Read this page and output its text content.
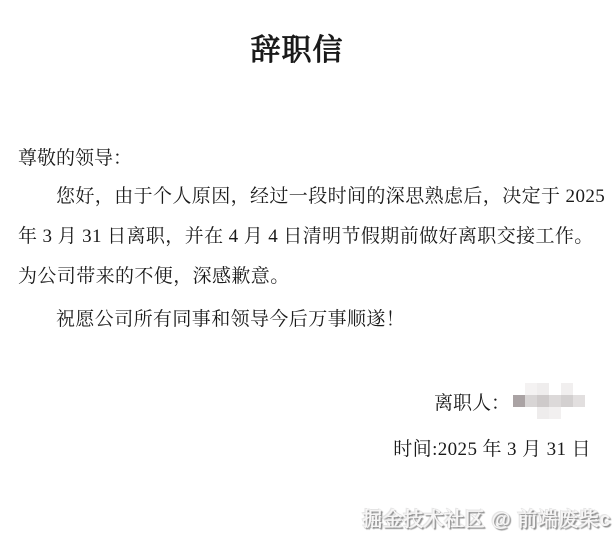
辞职信
尊敬的领导：
您好，由于个人原因，经过一段时间的深思熟虑后，决定于 2025
年 3 月 31 日离职，并在 4 月 4 日清明节假期前做好离职交接工作。
为公司带来的不便，深感歉意。
祝愿公司所有同事和领导今后万事顺遂！
离职人：
时间:2025 年 3 月 31 日
掘金技术社区 @ 前端废柴c
